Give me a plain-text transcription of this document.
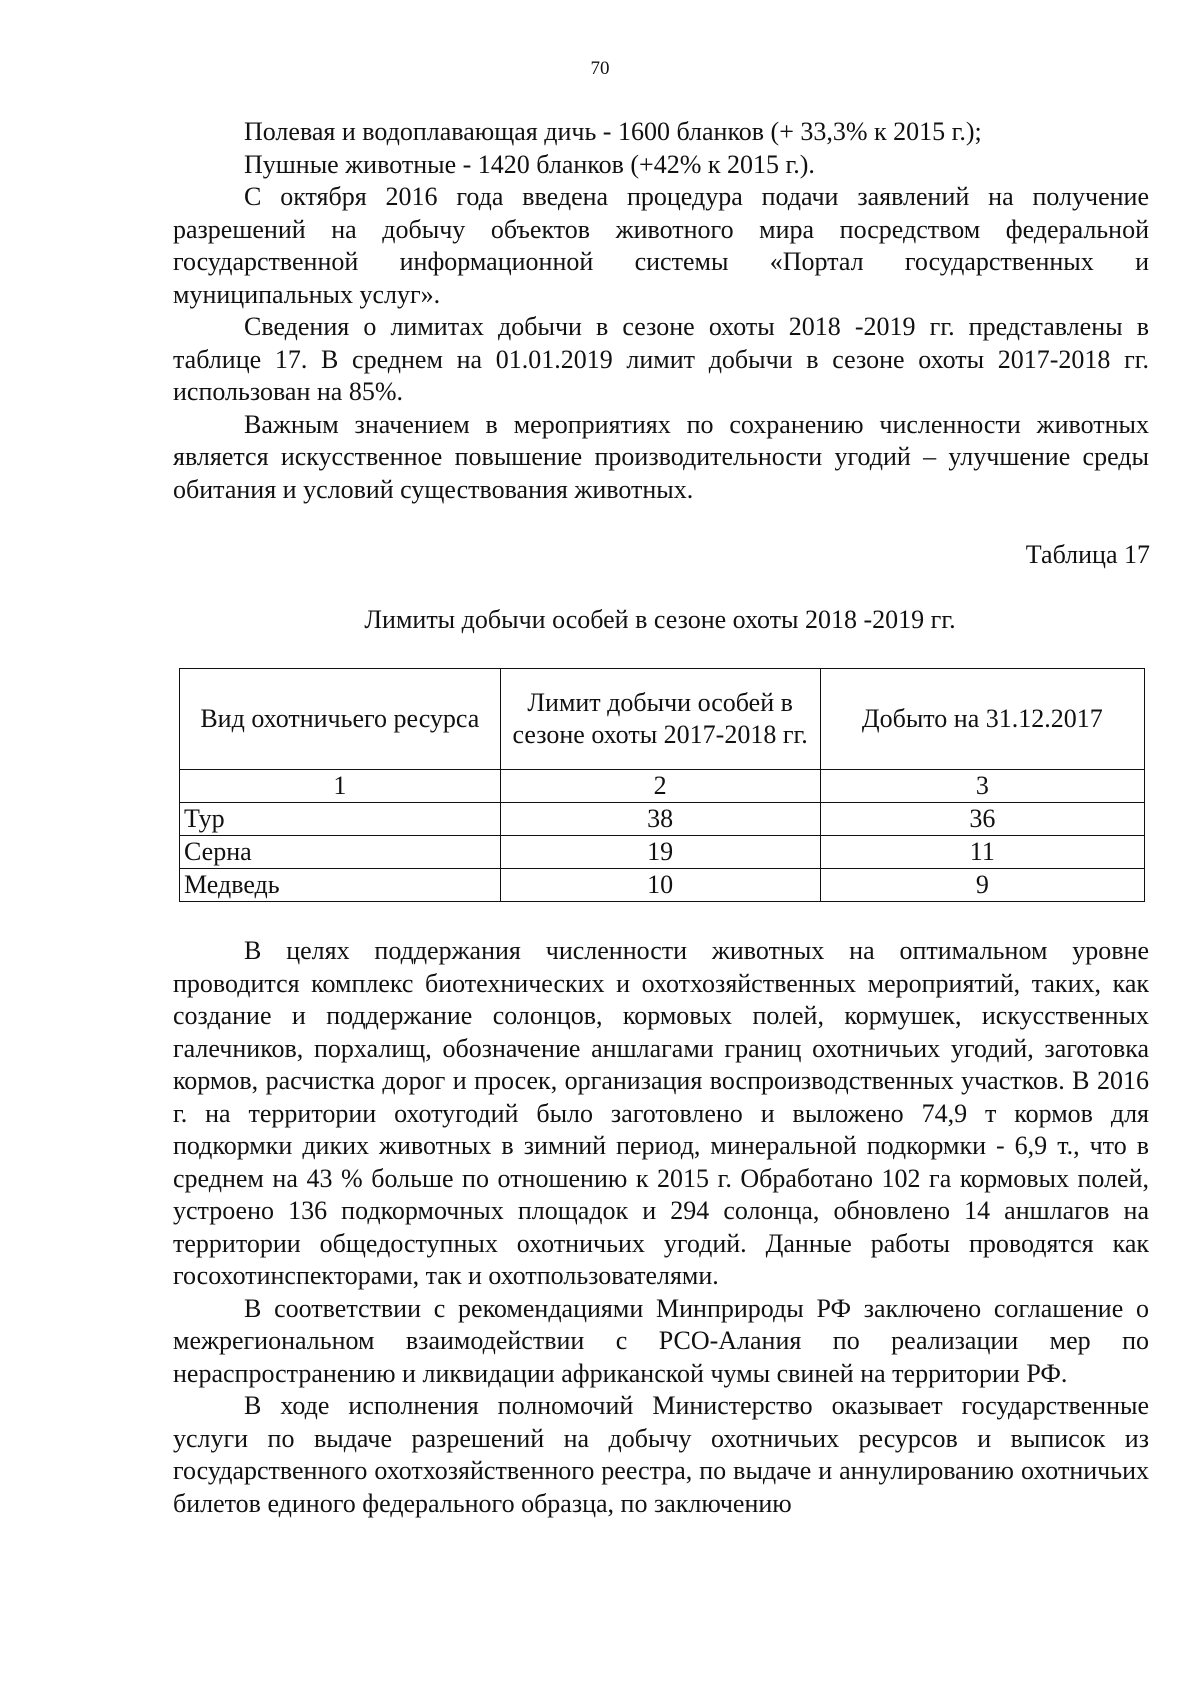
70

Полевая и водоплавающая дичь - 1600 бланков (+ 33,3% к 2015 г.);

Пушные животные - 1420 бланков (+42% к 2015 г.).

С октября 2016 года введена процедура подачи заявлений на получение разрешений на добычу объектов животного мира посредством федеральной государственной информационной системы «Портал государственных и муниципальных услуг».

Сведения о лимитах добычи в сезоне охоты 2018 -2019 гг. представлены в таблице 17. В среднем на 01.01.2019 лимит добычи в сезоне охоты 2017-2018 гг. использован на 85%.

Важным значением в мероприятиях по сохранению численности животных является искусственное повышение производительности угодий – улучшение среды обитания и условий существования животных.

Таблица 17
Лимиты добычи особей в сезоне охоты 2018 -2019 гг.
Вид охотничьего ресурса	Лимит добычи особей в сезоне охоты 2017-2018 гг.	Добыто на 31.12.2017
1	2	3
Тур	38	36
Серна	19	11
Медведь	10	9

В целях поддержания численности животных на оптимальном уровне проводится комплекс биотехнических и охотхозяйственных мероприятий, таких, как создание и поддержание солонцов, кормовых полей, кормушек, искусственных галечников, порхалищ, обозначение аншлагами границ охотничьих угодий, заготовка кормов, расчистка дорог и просек, организация воспроизводственных участков. В 2016 г. на территории охотугодий было заготовлено и выложено 74,9 т кормов для подкормки диких животных в зимний период, минеральной подкормки - 6,9 т., что в среднем на 43 % больше по отношению к 2015 г. Обработано 102 га кормовых полей, устроено 136 подкормочных площадок и 294 солонца, обновлено 14 аншлагов на территории общедоступных охотничьих угодий. Данные работы проводятся как госохотинспекторами, так и охотпользователями.

В соответствии с рекомендациями Минприроды РФ заключено соглашение о межрегиональном взаимодействии с РСО-Алания по реализации мер по нераспространению и ликвидации африканской чумы свиней на территории РФ.

В ходе исполнения полномочий Министерство оказывает государственные услуги по выдаче разрешений на добычу охотничьих ресурсов и выписок из государственного охотхозяйственного реестра, по выдаче и аннулированию охотничьих билетов единого федерального образца, по заключению
